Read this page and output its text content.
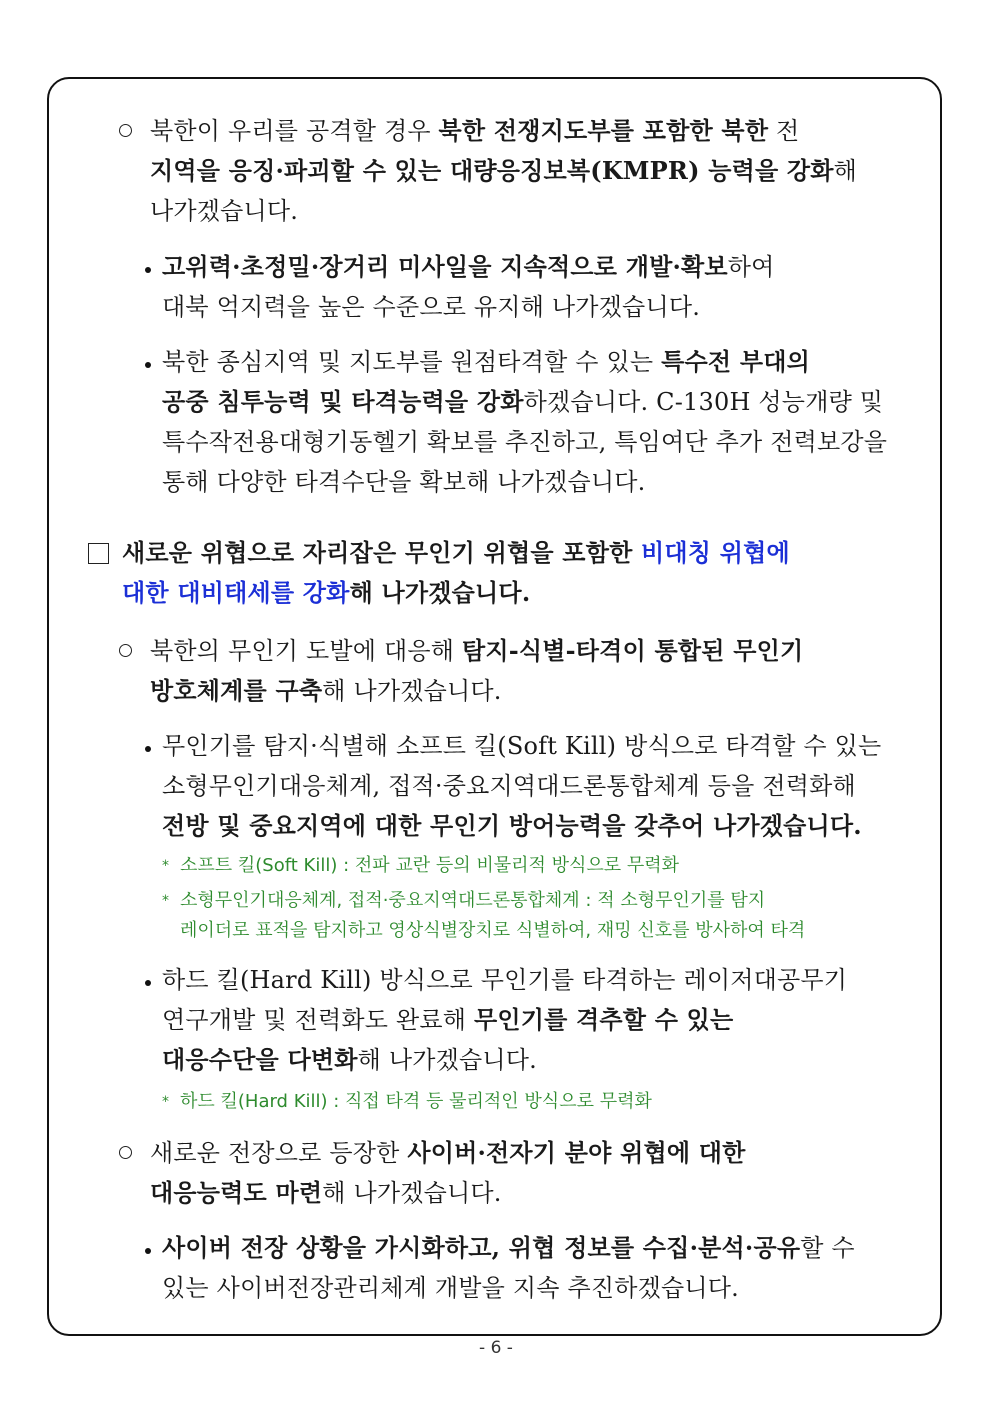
북한이 우리를 공격할 경우 북한 전쟁지도부를 포함한 북한 전
지역을 응징·파괴할 수 있는 대량응징보복(KMPR) 능력을 강화해
나가겠습니다.
고위력·초정밀·장거리 미사일을 지속적으로 개발·확보하여
대북 억지력을 높은 수준으로 유지해 나가겠습니다.
북한 종심지역 및 지도부를 원점타격할 수 있는 특수전 부대의
공중 침투능력 및 타격능력을 강화하겠습니다. C-130H 성능개량 및
특수작전용대형기동헬기 확보를 추진하고, 특임여단 추가 전력보강을
통해 다양한 타격수단을 확보해 나가겠습니다.
새로운 위협으로 자리잡은 무인기 위협을 포함한 비대칭 위협에
대한 대비태세를 강화해 나가겠습니다.
북한의 무인기 도발에 대응해 탐지-식별-타격이 통합된 무인기
방호체계를 구축해 나가겠습니다.
무인기를 탐지·식별해 소프트 킬(Soft Kill) 방식으로 타격할 수 있는
소형무인기대응체계, 접적·중요지역대드론통합체계 등을 전력화해
전방 및 중요지역에 대한 무인기 방어능력을 갖추어 나가겠습니다.
* 소프트 킬(Soft Kill) : 전파 교란 등의 비물리적 방식으로 무력화
* 소형무인기대응체계, 접적·중요지역대드론통합체계 : 적 소형무인기를 탐지
레이더로 표적을 탐지하고 영상식별장치로 식별하여, 재밍 신호를 방사하여 타격
하드 킬(Hard Kill) 방식으로 무인기를 타격하는 레이저대공무기
연구개발 및 전력화도 완료해 무인기를 격추할 수 있는
대응수단을 다변화해 나가겠습니다.
* 하드 킬(Hard Kill) : 직접 타격 등 물리적인 방식으로 무력화
새로운 전장으로 등장한 사이버·전자기 분야 위협에 대한
대응능력도 마련해 나가겠습니다.
사이버 전장 상황을 가시화하고, 위협 정보를 수집·분석·공유할 수
있는 사이버전장관리체계 개발을 지속 추진하겠습니다.
- 6 -
